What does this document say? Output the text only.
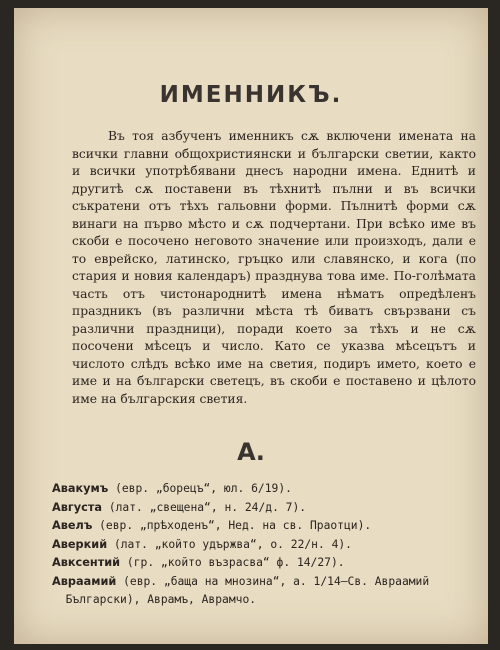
ИМЕННИКЪ.

Въ тоя азбученъ именникъ сѫ включени имената на всички главни общохристиянски и български светии, както и всички употрѣбявани днесъ народни имена. Еднитѣ и другитѣ сѫ поставени въ тѣхнитѣ пълни и въ всички съкратени отъ тѣхъ гальовни форми. Пълнитѣ форми сѫ винаги на първо мѣсто и сѫ подчертани. При всѣко име въ скоби е посочено неговото значение или произходъ, дали е то еврейско, латинско, гръцко или славянско, и кога (по стария и новия календаръ) празднува това име. По-голѣмата часть отъ чистонароднитѣ имена нѣматъ опредѣленъ праздникъ (въ различни мѣста тѣ биватъ свързвани съ различни праздници), поради което за тѣхъ и не сѫ посочени мѣсецъ и число. Като се указва мѣсецътъ и числото слѣдъ всѣко име на светия, подиръ името, което е име и на български светецъ, въ скоби е поставено и цѣлото име на българския светия.

А.
Авакумъ (евр. „борецъ“, юл. 6/19).
Августа (лат. „свещена“, н. 24/д. 7).
Авелъ (евр. „прѣходенъ“, Нед. на св. Праотци).
Аверкий (лат. „който удържва“, о. 22/н. 4).
Авксентий (гр. „който възрасва“ ф. 14/27).
Авраамий (евр. „баща на мнозина“, а. 1/14—Св. Авраамий
Български), Аврамъ, Аврамчо.
